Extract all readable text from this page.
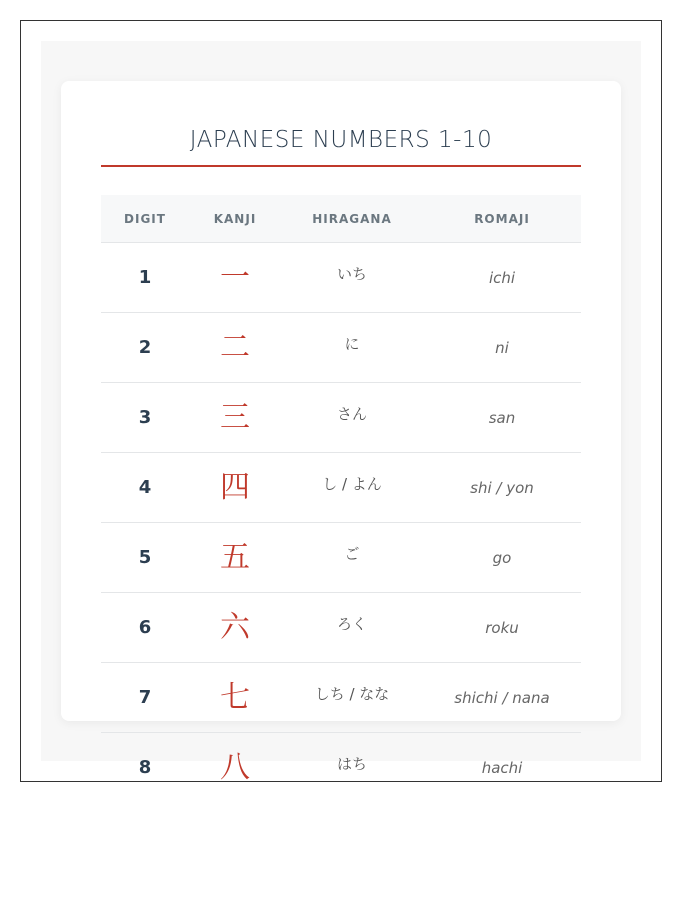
JAPANESE NUMBERS 1-10
DIGIT	KANJI	HIRAGANA	ROMAJI
1	一	いち	ichi
2	二	に	ni
3	三	さん	san
4	四	し / よん	shi / yon
5	五	ご	go
6	六	ろく	roku
7	七	しち / なな	shichi / nana
8	八	はち	hachi
